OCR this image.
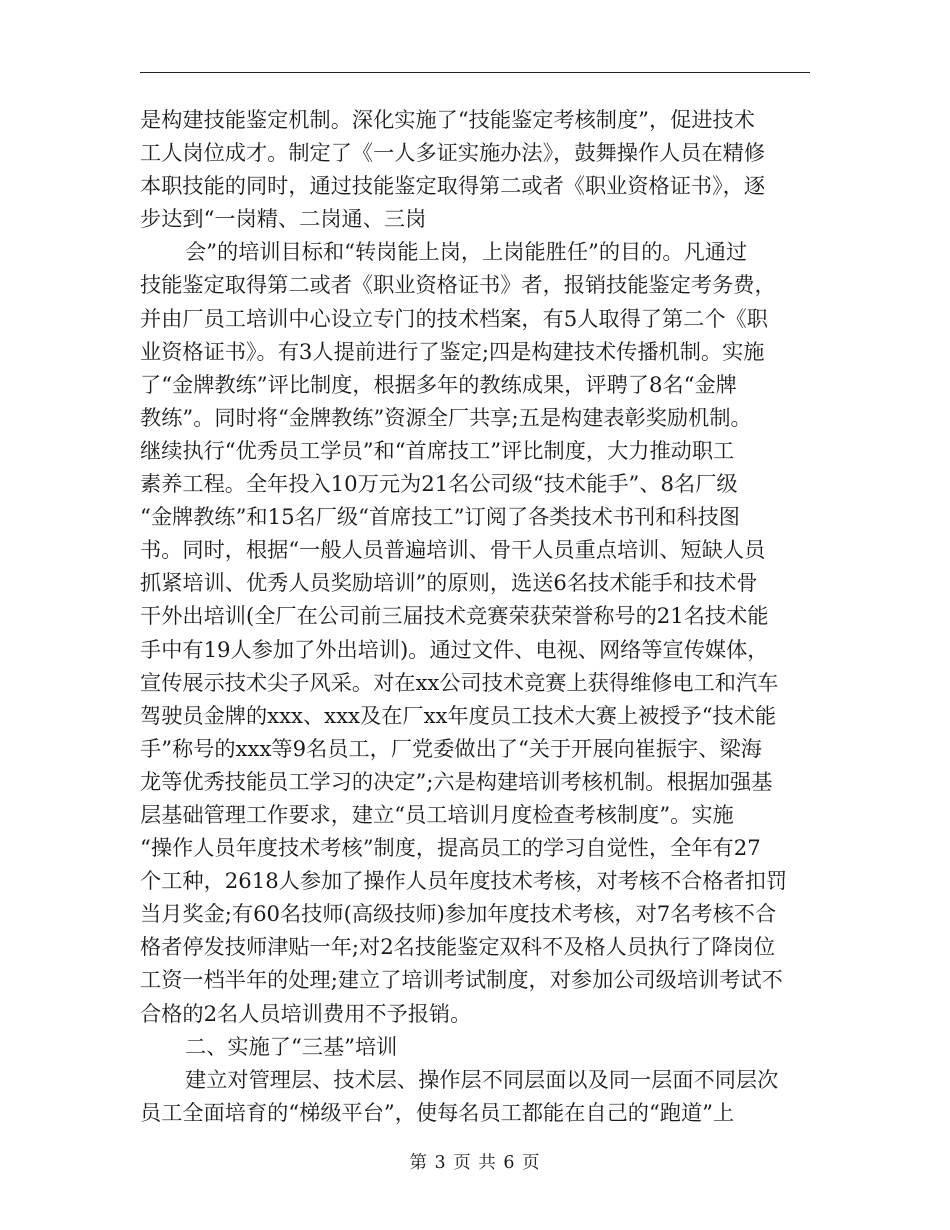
是构建技能鉴定机制。深化实施了“技能鉴定考核制度”，促进技术
工人岗位成才。制定了《一人多证实施办法》，鼓舞操作人员在精修
本职技能的同时，通过技能鉴定取得第二或者《职业资格证书》，逐
步达到“一岗精、二岗通、三岗
会”的培训目标和“转岗能上岗，上岗能胜任”的目的。凡通过
技能鉴定取得第二或者《职业资格证书》者，报销技能鉴定考务费，
并由厂员工培训中心设立专门的技术档案，有5人取得了第二个《职
业资格证书》。有3人提前进行了鉴定;四是构建技术传播机制。实施
了“金牌教练”评比制度，根据多年的教练成果，评聘了8名“金牌
教练”。同时将“金牌教练”资源全厂共享;五是构建表彰奖励机制。
继续执行“优秀员工学员”和“首席技工”评比制度，大力推动职工
素养工程。全年投入10万元为21名公司级“技术能手”、8名厂级
“金牌教练”和15名厂级“首席技工”订阅了各类技术书刊和科技图
书。同时，根据“一般人员普遍培训、骨干人员重点培训、短缺人员
抓紧培训、优秀人员奖励培训”的原则，选送6名技术能手和技术骨
干外出培训(全厂在公司前三届技术竞赛荣获荣誉称号的21名技术能
手中有19人参加了外出培训)。通过文件、电视、网络等宣传媒体，
宣传展示技术尖子风采。对在xx公司技术竞赛上获得维修电工和汽车
驾驶员金牌的xxx、xxx及在厂xx年度员工技术大赛上被授予“技术能
手”称号的xxx等9名员工，厂党委做出了“关于开展向崔振宇、梁海
龙等优秀技能员工学习的决定”;六是构建培训考核机制。根据加强基
层基础管理工作要求，建立“员工培训月度检查考核制度”。实施
“操作人员年度技术考核”制度，提高员工的学习自觉性，全年有27
个工种，2618人参加了操作人员年度技术考核，对考核不合格者扣罚
当月奖金;有60名技师(高级技师)参加年度技术考核，对7名考核不合
格者停发技师津贴一年;对2名技能鉴定双科不及格人员执行了降岗位
工资一档半年的处理;建立了培训考试制度，对参加公司级培训考试不
合格的2名人员培训费用不予报销。
二、实施了“三基”培训
建立对管理层、技术层、操作层不同层面以及同一层面不同层次
员工全面培育的“梯级平台”，使每名员工都能在自己的“跑道”上
第 3 页 共 6 页
